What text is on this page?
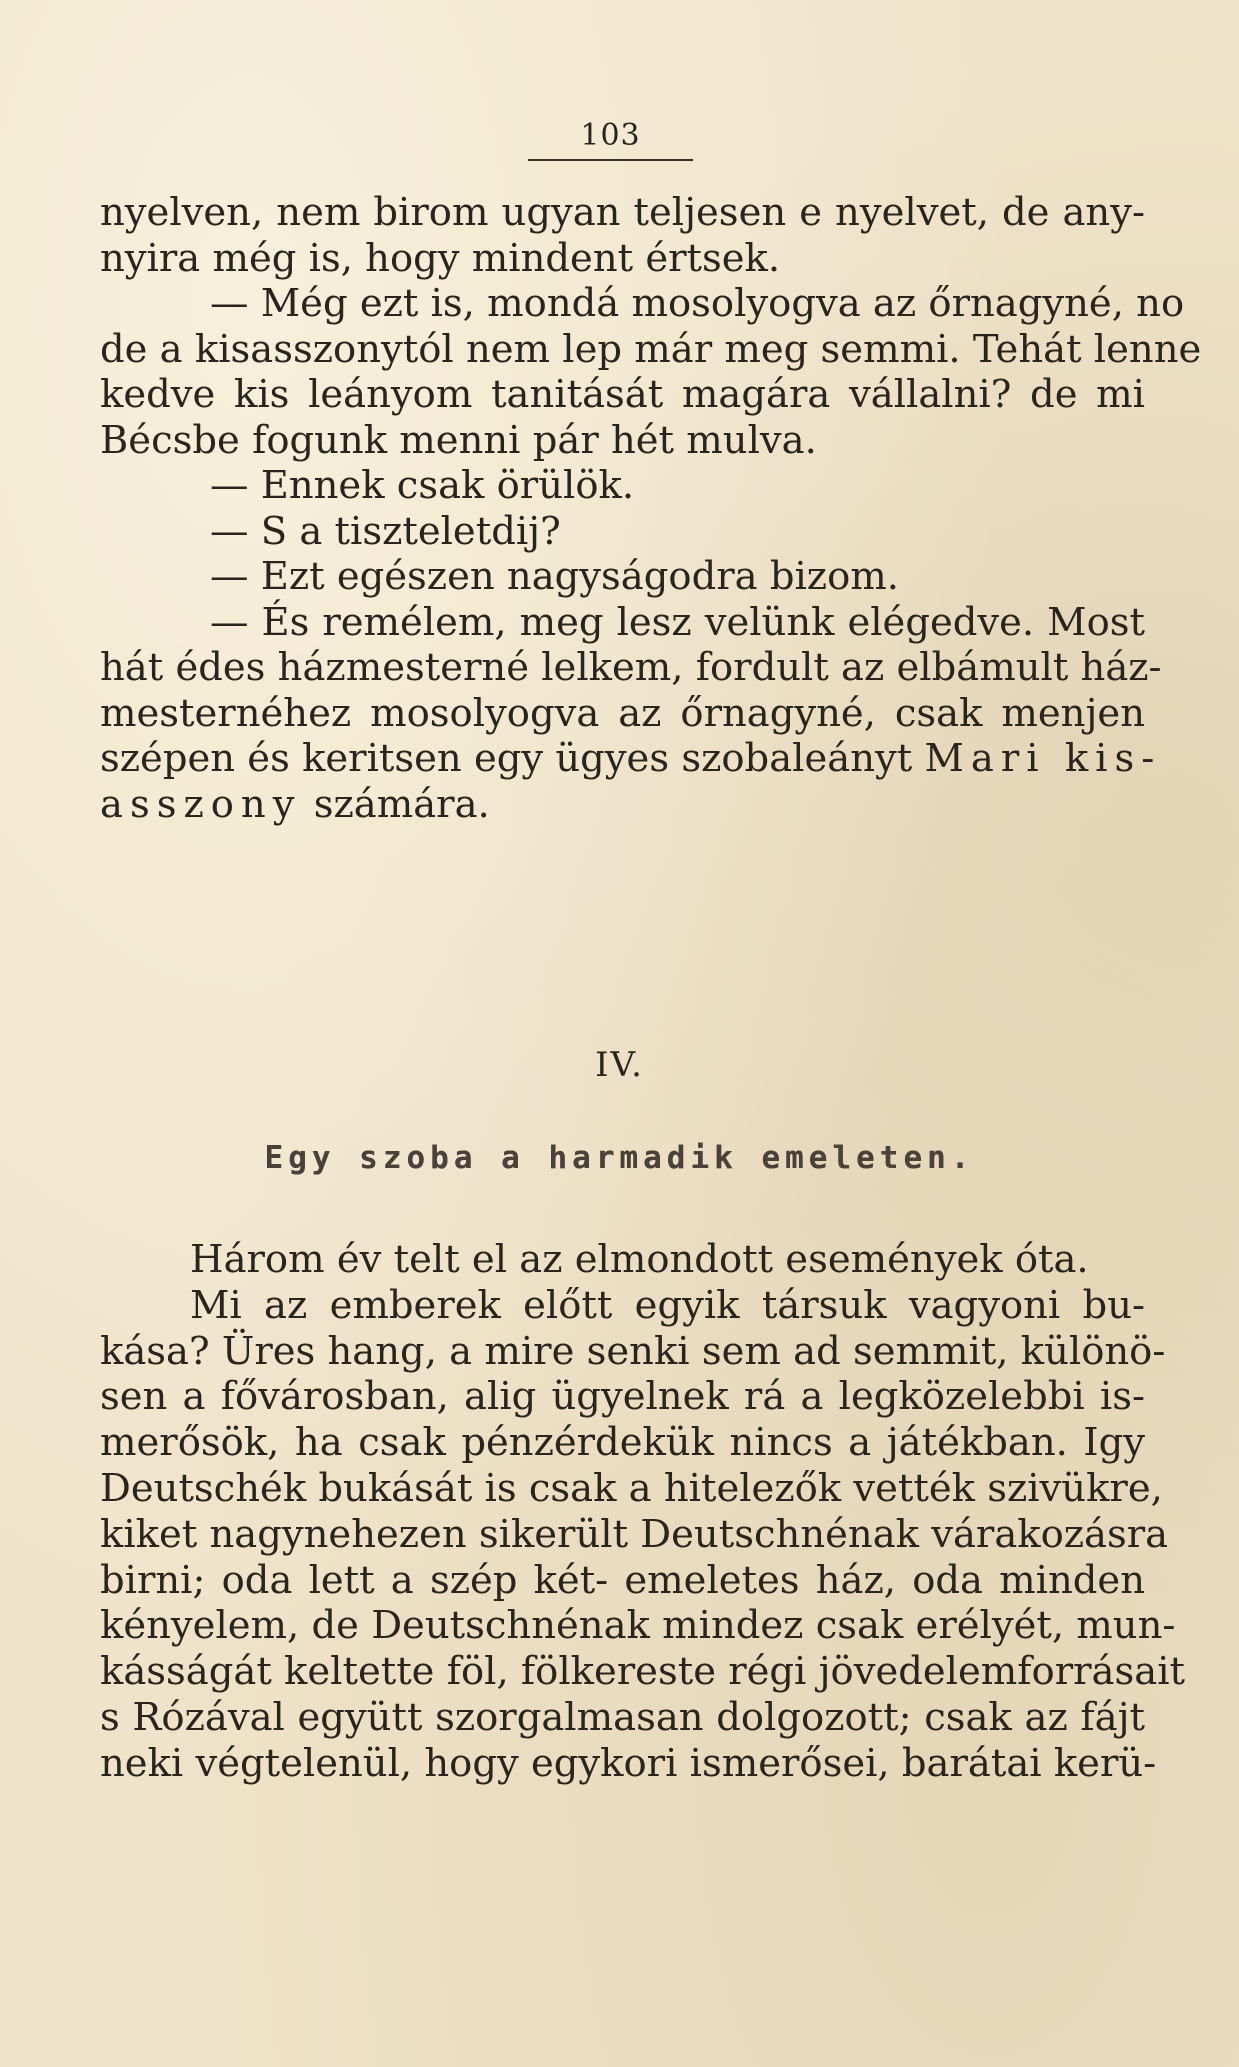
103
nyelven, nem birom ugyan teljesen e nyelvet, de any-
nyira még is, hogy mindent értsek.
— Még ezt is, mondá mosolyogva az őrnagyné, no
de a kisasszonytól nem lep már meg semmi. Tehát lenne
kedve kis leányom tanitását magára vállalni? de mi
Bécsbe fogunk menni pár hét mulva.
— Ennek csak örülök.
— S a tiszteletdij?
— Ezt egészen nagyságodra bizom.
— És remélem, meg lesz velünk elégedve. Most
hát édes házmesterné lelkem, fordult az elbámult ház-
mesternéhez mosolyogva az őrnagyné, csak menjen
szépen és keritsen egy ügyes szobaleányt Mari kis-
asszony számára.
IV.
Egy szoba a harmadik emeleten.
Három év telt el az elmondott események óta.
Mi az emberek előtt egyik társuk vagyoni bu-
kása? Üres hang, a mire senki sem ad semmit, különö-
sen a fővárosban, alig ügyelnek rá a legközelebbi is-
merősök, ha csak pénzérdekük nincs a játékban. Igy
Deutschék bukását is csak a hitelezők vették szivükre,
kiket nagynehezen sikerült Deutschnénak várakozásra
birni; oda lett a szép két- emeletes ház, oda minden
kényelem, de Deutschnénak mindez csak erélyét, mun-
kásságát keltette föl, fölkereste régi jövedelemforrásait
s Rózával együtt szorgalmasan dolgozott; csak az fájt
neki végtelenül, hogy egykori ismerősei, barátai kerü-
